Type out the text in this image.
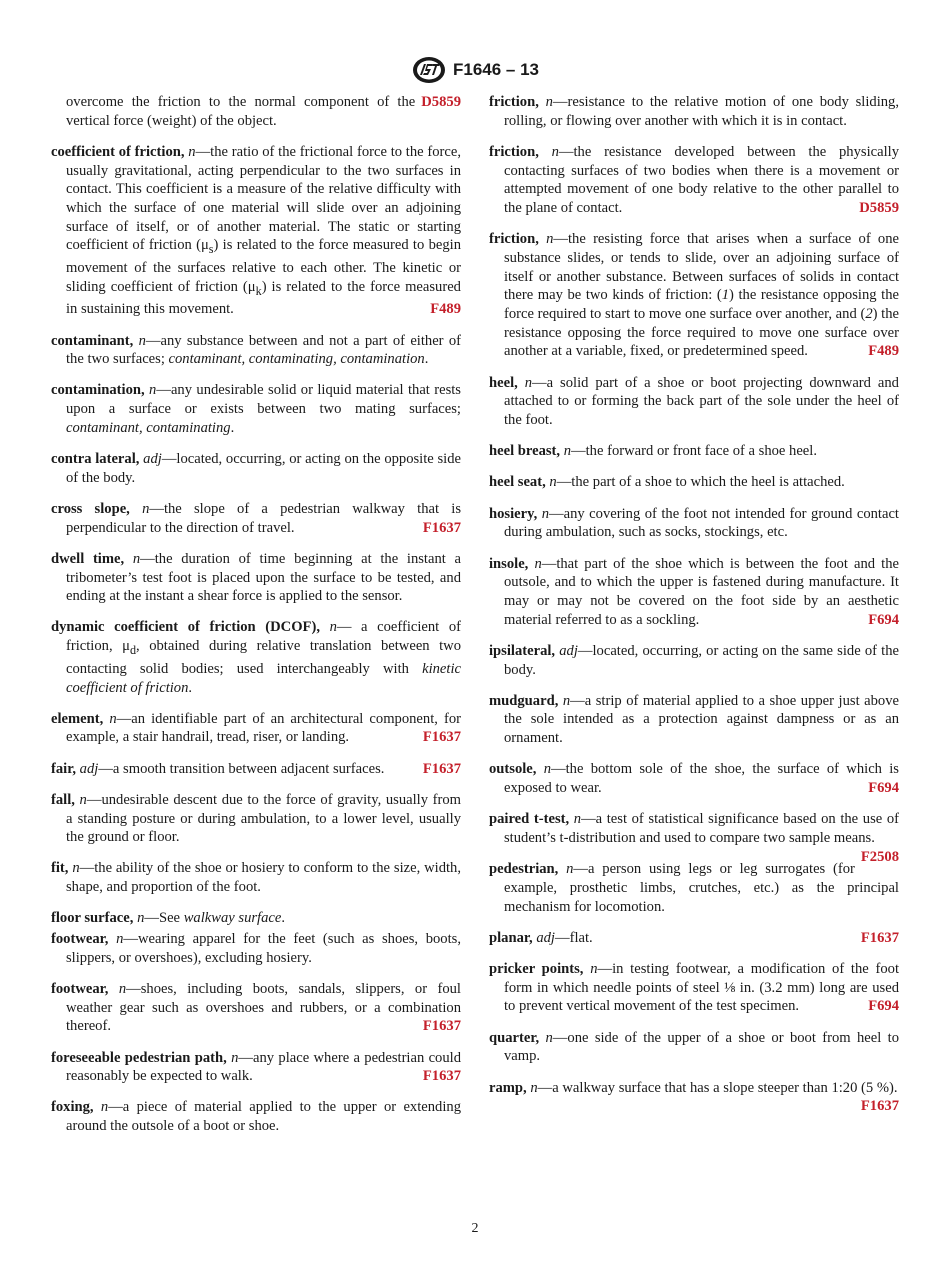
F1646 – 13

D5859
overcome the friction to the normal component of the vertical force (weight) of the object.

coefficient of friction, n—the ratio of the frictional force to the force, usually gravitational, acting perpendicular to the two surfaces in contact. This coefficient is a measure of the relative difficulty with which the surface of one material will slide over an adjoining surface of itself, or of another material. The static or starting coefficient of friction $(\mu_s)$ is related to the force measured to begin movement of the surfaces relative to each other. The kinetic or sliding coefficient of friction $(\mu_k)$ is related to the force measured in sustaining this movement.	F489

contaminant, n—any substance between and not a part of either of the two surfaces; contaminant, contaminating, contamination.

contamination, n—any undesirable solid or liquid material that rests upon a surface or exists between two mating surfaces; contaminant, contaminating.

contra lateral, adj—located, occurring, or acting on the opposite side of the body.

cross slope, n—the slope of a pedestrian walkway that is perpendicular to the direction of travel.	F1637

dwell time, n—the duration of time beginning at the instant a tribometer’s test foot is placed upon the surface to be tested, and ending at the instant a shear force is applied to the sensor.

dynamic coefficient of friction (DCOF), n— a coefficient of friction, $\mu_d$, obtained during relative translation between two contacting solid bodies; used interchangeably with kinetic coefficient of friction.

element, n—an identifiable part of an architectural component, for example, a stair handrail, tread, riser, or landing.	F1637

fair, adj—a smooth transition between adjacent surfaces.	F1637

fall, n—undesirable descent due to the force of gravity, usually from a standing posture or during ambulation, to a lower level, usually the ground or floor.

fit, n—the ability of the shoe or hosiery to conform to the size, width, shape, and proportion of the foot.

floor surface, n—See walkway surface.

footwear, n—wearing apparel for the feet (such as shoes, boots, slippers, or overshoes), excluding hosiery.

footwear, n—shoes, including boots, sandals, slippers, or foul weather gear such as overshoes and rubbers, or a combination thereof.	F1637

foreseeable pedestrian path, n—any place where a pedestrian could reasonably be expected to walk.	F1637

foxing, n—a piece of material applied to the upper or extending around the outsole of a boot or shoe.

friction, n—resistance to the relative motion of one body sliding, rolling, or flowing over another with which it is in contact.

friction, n—the resistance developed between the physically contacting surfaces of two bodies when there is a movement or attempted movement of one body relative to the other parallel to the plane of contact.	D5859

friction, n—the resisting force that arises when a surface of one substance slides, or tends to slide, over an adjoining surface of itself or another substance. Between surfaces of solids in contact there may be two kinds of friction: (1) the resistance opposing the force required to start to move one surface over another, and (2) the resistance opposing the force required to move one surface over another at a variable, fixed, or predetermined speed.	F489

heel, n—a solid part of a shoe or boot projecting downward and attached to or forming the back part of the sole under the heel of the foot.

heel breast, n—the forward or front face of a shoe heel.

heel seat, n—the part of a shoe to which the heel is attached.

hosiery, n—any covering of the foot not intended for ground contact during ambulation, such as socks, stockings, etc.

insole, n—that part of the shoe which is between the foot and the outsole, and to which the upper is fastened during manufacture. It may or may not be covered on the foot side by an aesthetic material referred to as a sockling.	F694

ipsilateral, adj—located, occurring, or acting on the same side of the body.

mudguard, n—a strip of material applied to a shoe upper just above the sole intended as a protection against dampness or as an ornament.

outsole, n—the bottom sole of the shoe, the surface of which is exposed to wear.	F694

paired t-test, n—a test of statistical significance based on the use of student’s t-distribution and used to compare two sample means.
F2508

pedestrian, n—a person using legs or leg surrogates (for example, prosthetic limbs, crutches, etc.) as the principal mechanism for locomotion.

planar, adj—flat.	F1637

pricker points, n—in testing footwear, a modification of the foot form in which needle points of steel ⅛ in. (3.2 mm) long are used to prevent vertical movement of the test specimen.	F694

quarter, n—one side of the upper of a shoe or boot from heel to vamp.

ramp, n—a walkway surface that has a slope steeper than 1:20 (5 %).
F1637

2
